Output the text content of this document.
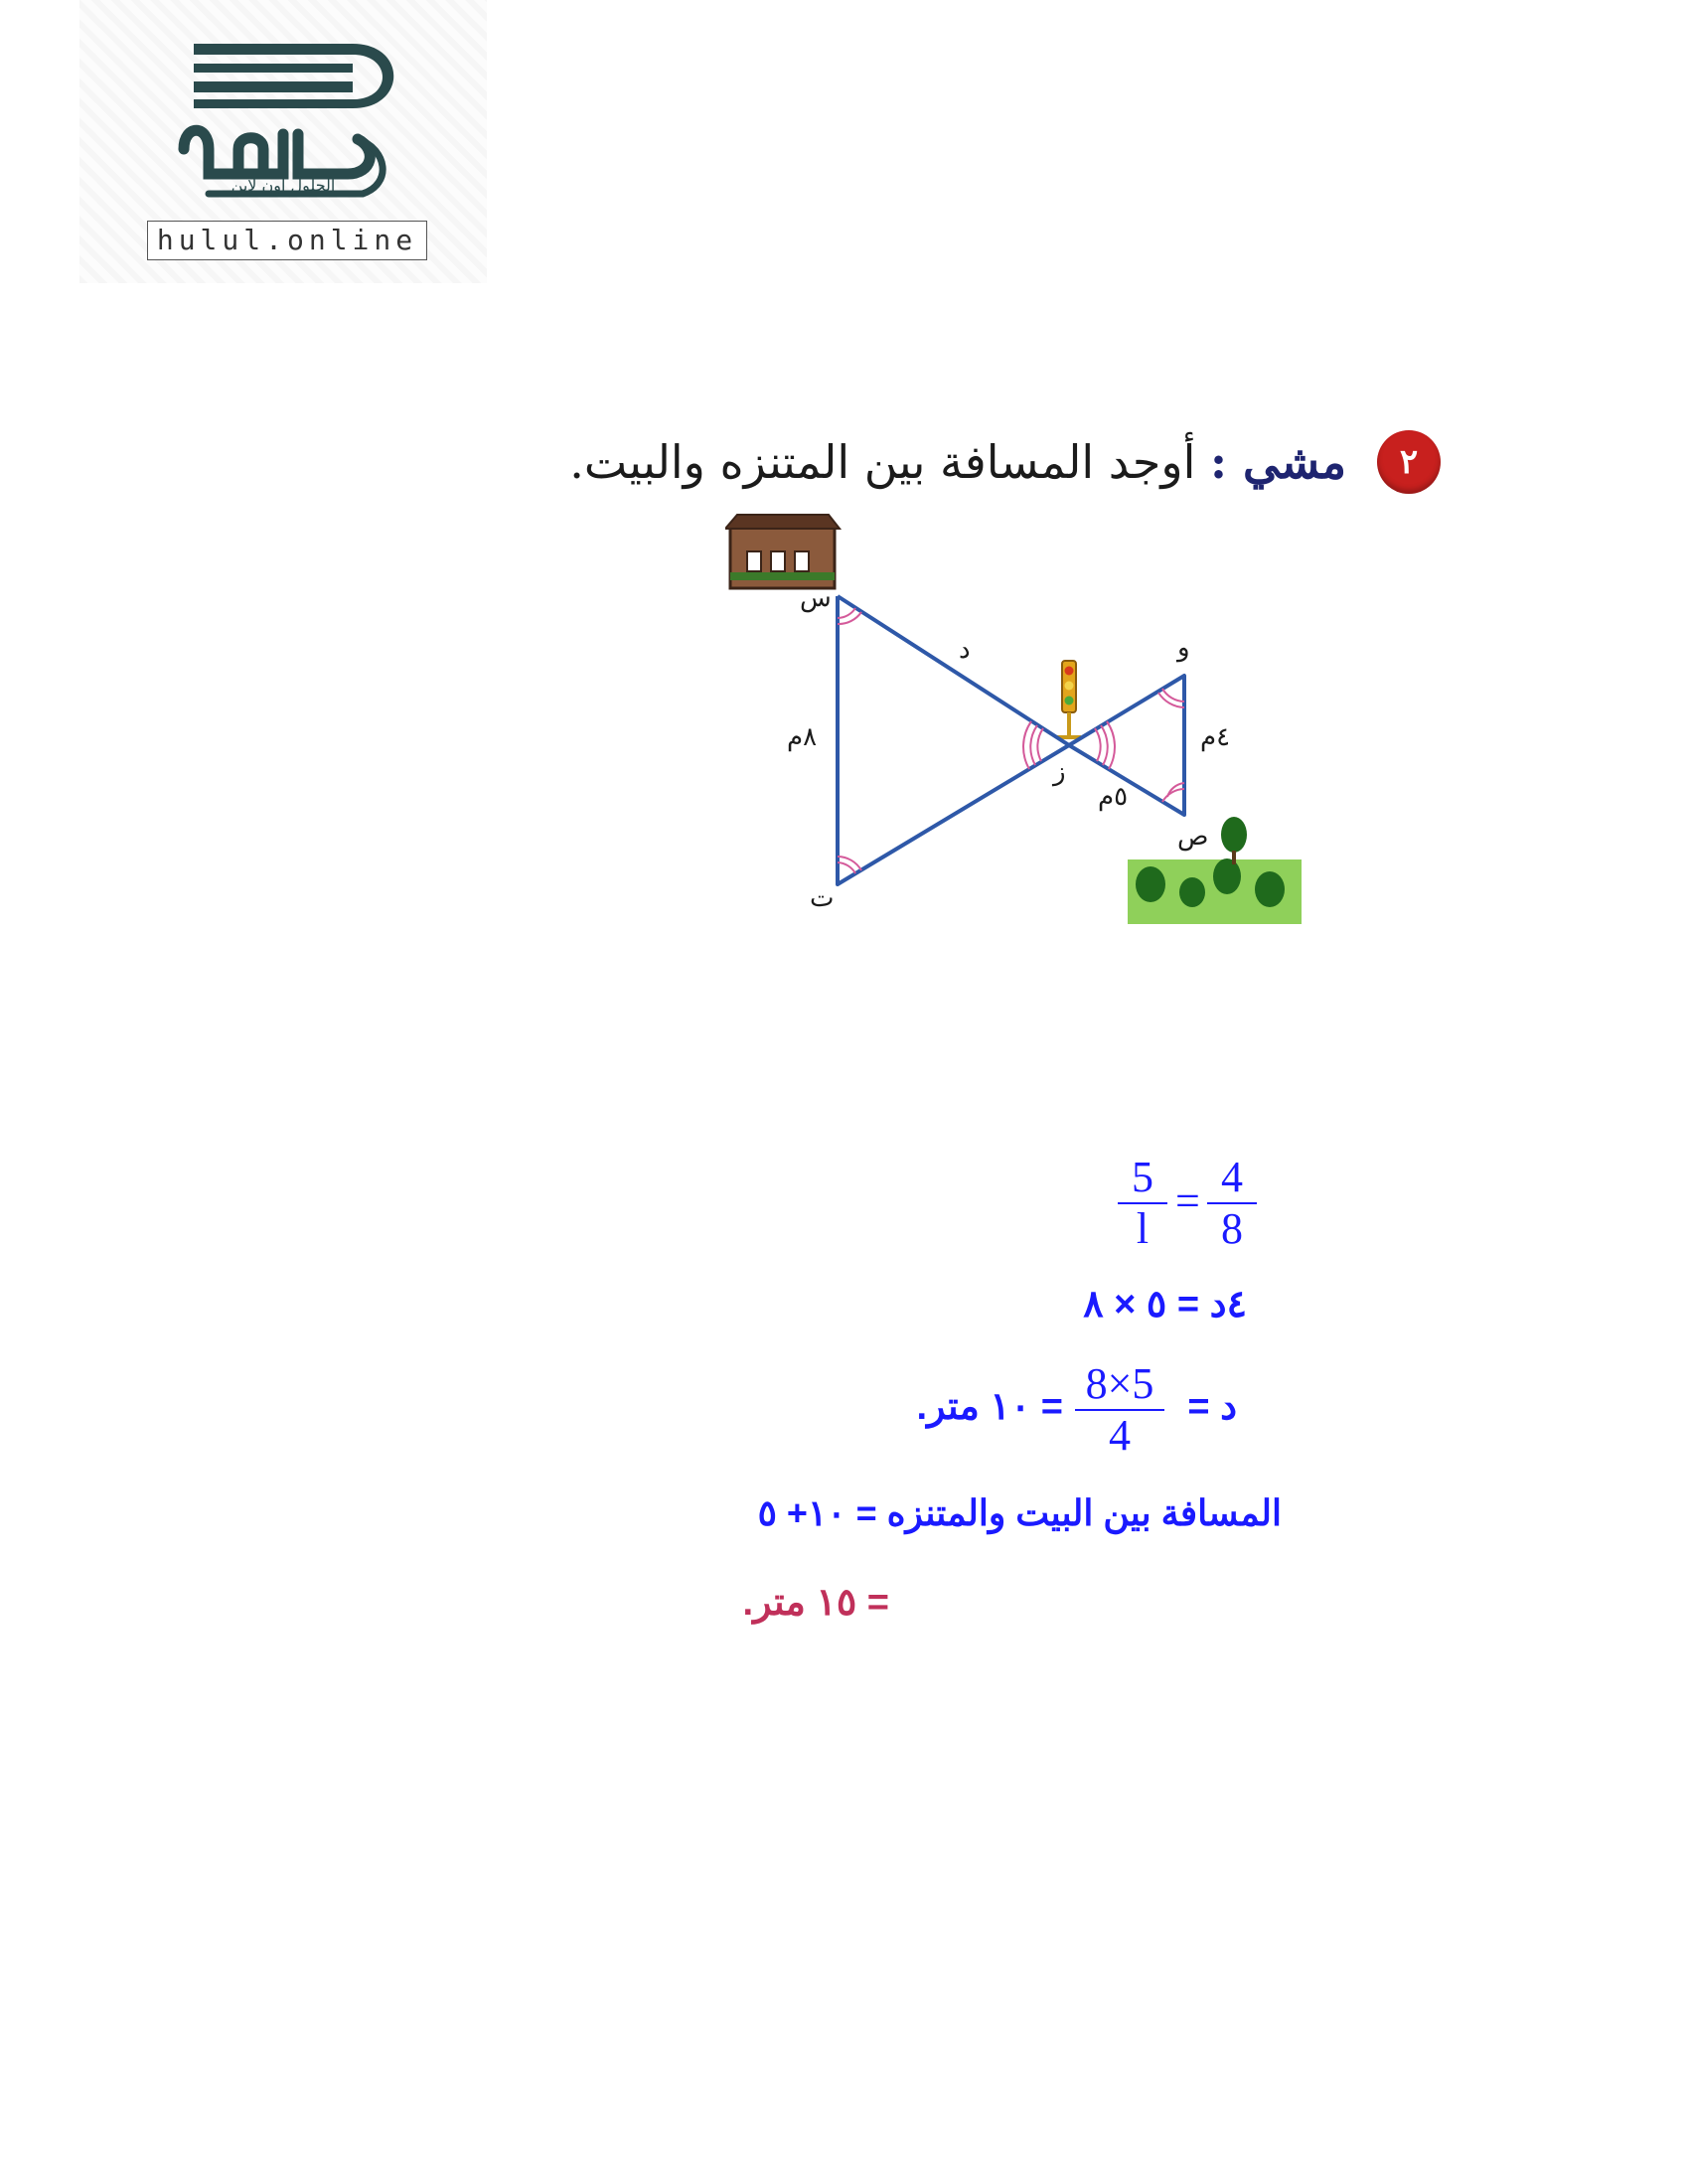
الحلول اون لاين
hulul.online
٢
مشي : أوجد المسافة بين المتنزه والبيت.
س
ت
و
ص
ز
د
٨م	٤م
٥م
$\frac{5}{l} = \frac{4}{8}$
٤د = ٥ × ٨
د =
$\frac{8\times 5}{4}$
= ١٠ متر.
المسافة بين البيت والمتنزه = ١٠+ ٥
= ١٥ متر.
